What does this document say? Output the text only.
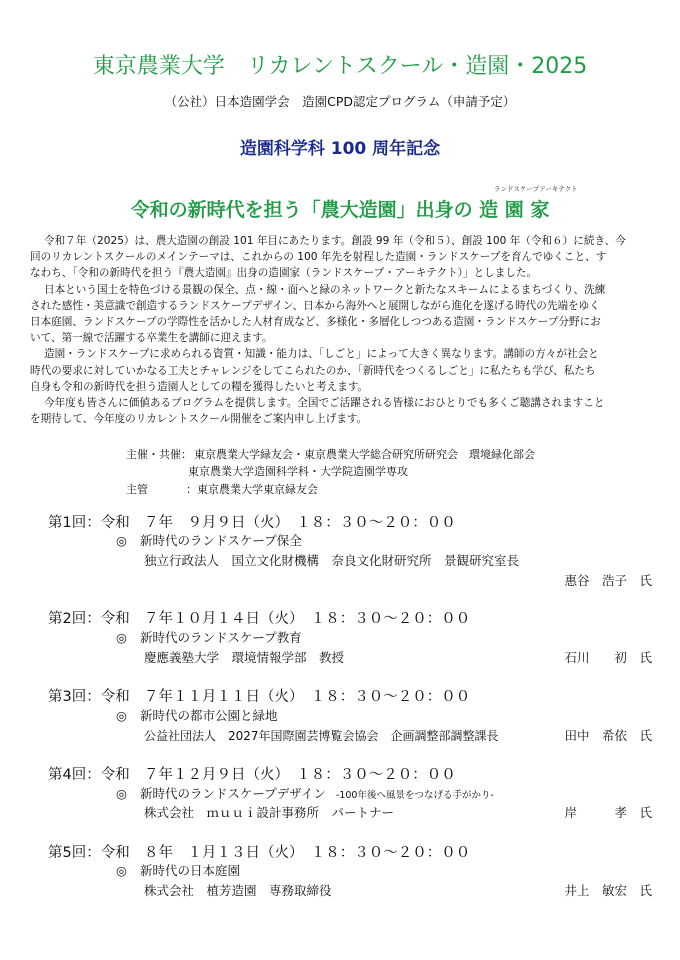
東京農業大学　リカレントスクール・造園・2025
（公社）日本造園学会　造園CPD認定プログラム（申請予定）
造園科学科 100 周年記念
ランドスケープアーキテクト
令和の新時代を担う「農大造園」出身の 造 園 家

令和７年（2025）は、農大造園の創設 101 年目にあたります。創設 99 年（令和５）、創設 100 年（令和６）に続き、今

回のリカレントスクールのメインテーマは、これからの 100 年先を射程した造園・ランドスケープを育んでゆくこと、す

なわち、「令和の新時代を担う『農大造園』出身の造園家（ランドスケープ・アーキテクト）」としました。

日本という国土を特色づける景観の保全、点・線・面へと緑のネットワークと新たなスキームによるまちづくり、洗練

された感性・美意識で創造するランドスケープデザイン、日本から海外へと展開しながら進化を遂げる時代の先端をゆく

日本庭園、ランドスケープの学際性を活かした人材育成など、多様化・多層化しつつある造園・ランドスケープ分野にお

いて、第一線で活躍する卒業生を講師に迎えます。

造園・ランドスケープに求められる資質・知識・能力は、「しごと」によって大きく異なります。講師の方々が社会と

時代の要求に対していかなる工夫とチャレンジをしてこられたのか、「新時代をつくるしごと」に私たちも学び、私たち

自身も令和の新時代を担う造園人としての糧を獲得したいと考えます。

今年度も皆さんに価値あるプログラムを提供します。全国でご活躍される皆様におひとりでも多くご聴講されますこと

を期待して、今年度のリカレントスクール開催をご案内申し上げます。

主催・共催： 東京農業大学緑友会・東京農業大学総合研究所研究会　環境緑化部会
東京農業大学造園科学科・大学院造園学専攻
主管	：東京農業大学東京緑友会
第1回：令和 ７年　９月９日（火）　１８：３０～２０：００
◎ 新時代のランドスケープ保全
独立行政法人　国立文化財機構　奈良文化財研究所　景観研究室長
惠谷　浩子　氏
第2回：令和 ７年１０月１４日（火）　１８：３０～２０：００
◎ 新時代のランドスケープ教育
慶應義塾大学　環境情報学部　教授	石川　　初　氏
第3回：令和 ７年１１月１１日（火）　１８：３０～２０：００
◎ 新時代の都市公園と緑地
公益社団法人　2027年国際園芸博覧会協会　企画調整部調整課長	田中　希依　氏
第4回：令和 ７年１２月９日（火）　１８：３０～２０：００
◎ 新時代のランドスケープデザイン -100年後へ風景をつなげる手がかり-
株式会社　ｍｕｕｉ設計事務所　パートナー	岸　　　孝　氏
第5回：令和 ８年　１月１３日（火）　１８：３０～２０：００
◎ 新時代の日本庭園
株式会社　植芳造園　専務取締役	井上　敏宏　氏
